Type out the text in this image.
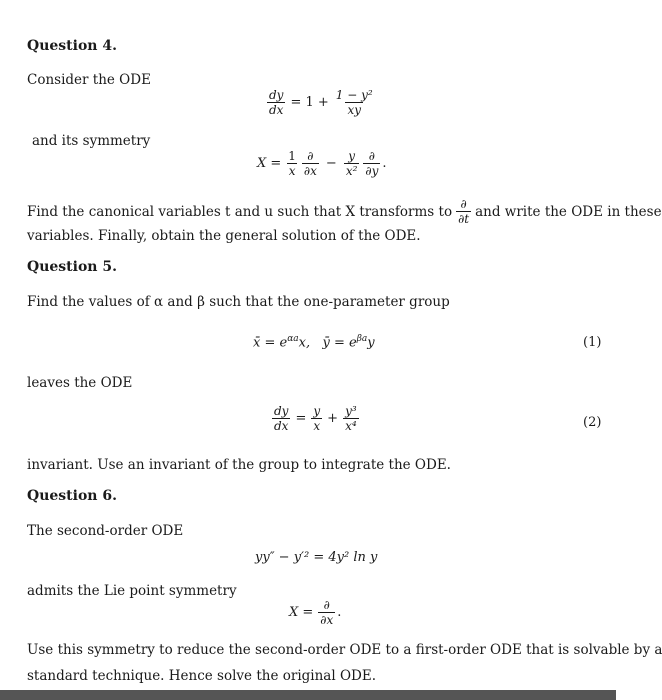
Question 4.
Consider the ODE
$\frac{dy}{dx} = 1 + \frac{\text{1 − y²}}{xy}$
and its symmetry
$X = \frac{1}{x} \frac{\partial}{\partial x} - \frac{y}{\text{x²}} \frac{\partial}{\partial y}$ .
Find the canonical variables t and u such that X transforms to $\frac{\partial}{\partial t}$ and write the ODE in these
variables. Finally, obtain the general solution of the ODE.
Question 5.
Find the values of α and β such that the one-parameter group
x̄ = $e^{\alpha a}x$, ȳ = $e^{\beta a}y$	(1)
leaves the ODE
$\frac{dy}{dx} = \frac{y}{x} + \frac{\text{y³}}{\text{x⁴}}$	(2)
invariant. Use an invariant of the group to integrate the ODE.
Question 6.
The second-order ODE
yy″ − y′² = 4y² ln y
admits the Lie point symmetry
$X = \frac{\partial}{\partial x}$ .
Use this symmetry to reduce the second-order ODE to a first-order ODE that is solvable by a
standard technique. Hence solve the original ODE.
